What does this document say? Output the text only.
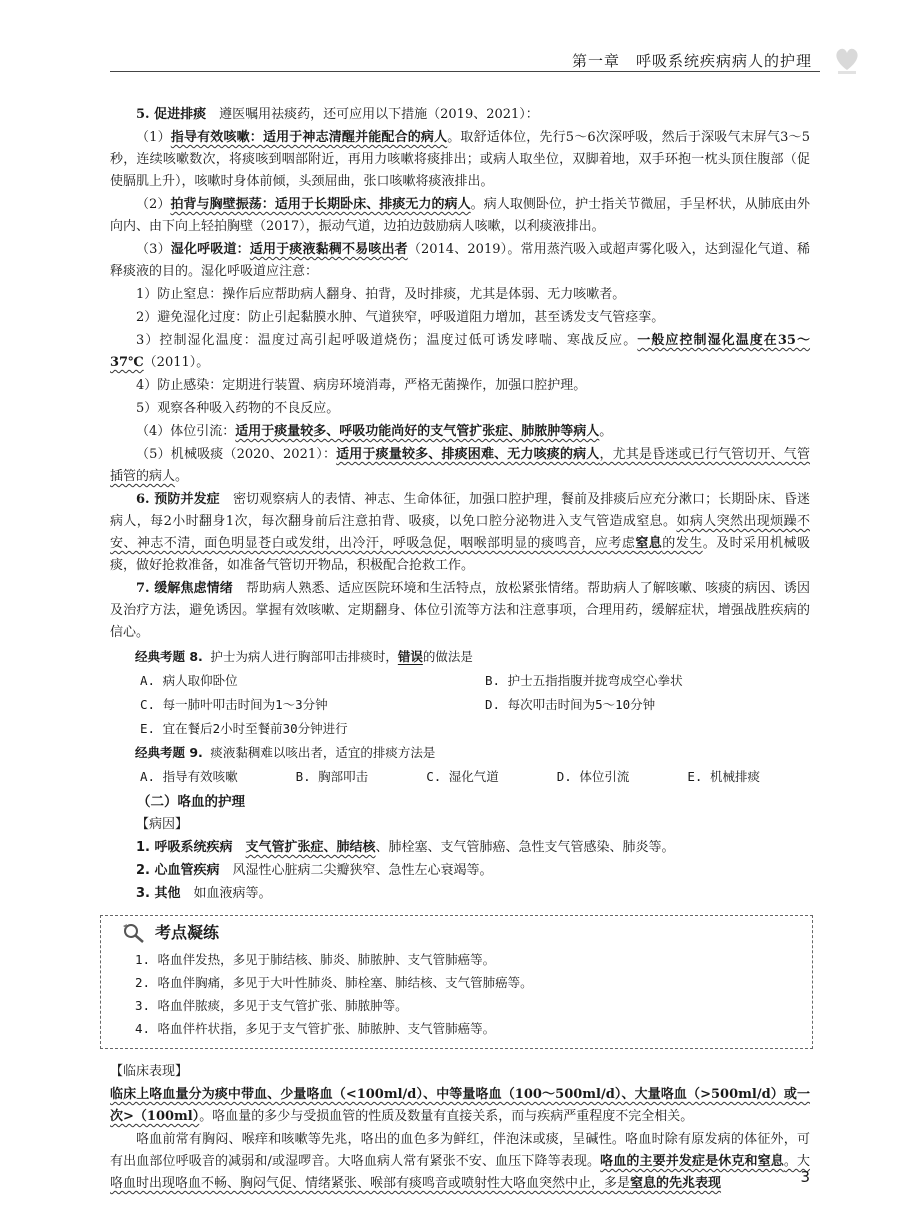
第一章　呼吸系统疾病病人的护理

5. 促进排痰　 遵医嘱用祛痰药，还可应用以下措施（2019、2021）：

（1）指导有效咳嗽：适用于神志清醒并能配合的病人。取舒适体位，先行5～6次深呼吸，然后于深吸气末屏气3～5秒，连续咳嗽数次，将痰咳到咽部附近，再用力咳嗽将痰排出；或病人取坐位，双脚着地，双手环抱一枕头顶住腹部（促使膈肌上升），咳嗽时身体前倾，头颈屈曲，张口咳嗽将痰液排出。

（2）拍背与胸壁振荡：适用于长期卧床、排痰无力的病人。病人取侧卧位，护士指关节微屈，手呈杯状，从肺底由外向内、由下向上轻拍胸壁（2017），振动气道，边拍边鼓励病人咳嗽，以利痰液排出。

（3）湿化呼吸道：适用于痰液黏稠不易咳出者（2014、2019）。常用蒸汽吸入或超声雾化吸入，达到湿化气道、稀释痰液的目的。湿化呼吸道应注意：

1）防止窒息：操作后应帮助病人翻身、拍背，及时排痰，尤其是体弱、无力咳嗽者。

2）避免湿化过度：防止引起黏膜水肿、气道狭窄，呼吸道阻力增加，甚至诱发支气管痉挛。

3）控制湿化温度：温度过高引起呼吸道烧伤；温度过低可诱发哮喘、寒战反应。一般应控制湿化温度在35～37℃（2011）。

4）防止感染：定期进行装置、病房环境消毒，严格无菌操作，加强口腔护理。

5）观察各种吸入药物的不良反应。

（4）体位引流：适用于痰量较多、呼吸功能尚好的支气管扩张症、肺脓肿等病人。

（5）机械吸痰（2020、2021）：适用于痰量较多、排痰困难、无力咳痰的病人，尤其是昏迷或已行气管切开、气管插管的病人。

6. 预防并发症　 密切观察病人的表情、神志、生命体征，加强口腔护理，餐前及排痰后应充分漱口；长期卧床、昏迷病人，每2小时翻身1次，每次翻身前后注意拍背、吸痰，以免口腔分泌物进入支气管造成窒息。如病人突然出现烦躁不安、神志不清，面色明显苍白或发绀，出冷汗，呼吸急促，咽喉部明显的痰鸣音，应考虑窒息的发生。及时采用机械吸痰，做好抢救准备，如准备气管切开物品，积极配合抢救工作。

7. 缓解焦虑情绪　 帮助病人熟悉、适应医院环境和生活特点，放松紧张情绪。帮助病人了解咳嗽、咳痰的病因、诱因及治疗方法，避免诱因。掌握有效咳嗽、定期翻身、体位引流等方法和注意事项，合理用药，缓解症状，增强战胜疾病的信心。

经典考题 8. 护士为病人进行胸部叩击排痰时，错误的做法是

A. 病人取仰卧位	B. 护士五指指腹并拢弯成空心拳状
C. 每一肺叶叩击时间为1～3分钟	D. 每次叩击时间为5～10分钟
E. 宜在餐后2小时至餐前30分钟进行

经典考题 9. 痰液黏稠难以咳出者，适宜的排痰方法是

A. 指导有效咳嗽	B. 胸部叩击	C. 湿化气道	D. 体位引流	E. 机械排痰

（二）咯血的护理

【病因】

1. 呼吸系统疾病　 支气管扩张症、肺结核、肺栓塞、支气管肺癌、急性支气管感染、肺炎等。

2. 心血管疾病　 风湿性心脏病二尖瓣狭窄、急性左心衰竭等。

3. 其他　 如血液病等。

考点凝练
1. 咯血伴发热，多见于肺结核、肺炎、肺脓肿、支气管肺癌等。
2. 咯血伴胸痛，多见于大叶性肺炎、肺栓塞、肺结核、支气管肺癌等。
3. 咯血伴脓痰，多见于支气管扩张、肺脓肿等。
4. 咯血伴杵状指，多见于支气管扩张、肺脓肿、支气管肺癌等。

【临床表现】

临床上咯血量分为痰中带血、少量咯血（<100ml/d）、中等量咯血（100～500ml/d）、大量咯血（>500ml/d）或一次>（100ml）。咯血量的多少与受损血管的性质及数量有直接关系，而与疾病严重程度不完全相关。

咯血前常有胸闷、喉痒和咳嗽等先兆，咯出的血色多为鲜红，伴泡沫或痰，呈碱性。咯血时除有原发病的体征外，可有出血部位呼吸音的减弱和/或湿啰音。大咯血病人常有紧张不安、血压下降等表现。咯血的主要并发症是休克和窒息。大咯血时出现咯血不畅、胸闷气促、情绪紧张、喉部有痰鸣音或喷射性大咯血突然中止，多是窒息的先兆表现	3
